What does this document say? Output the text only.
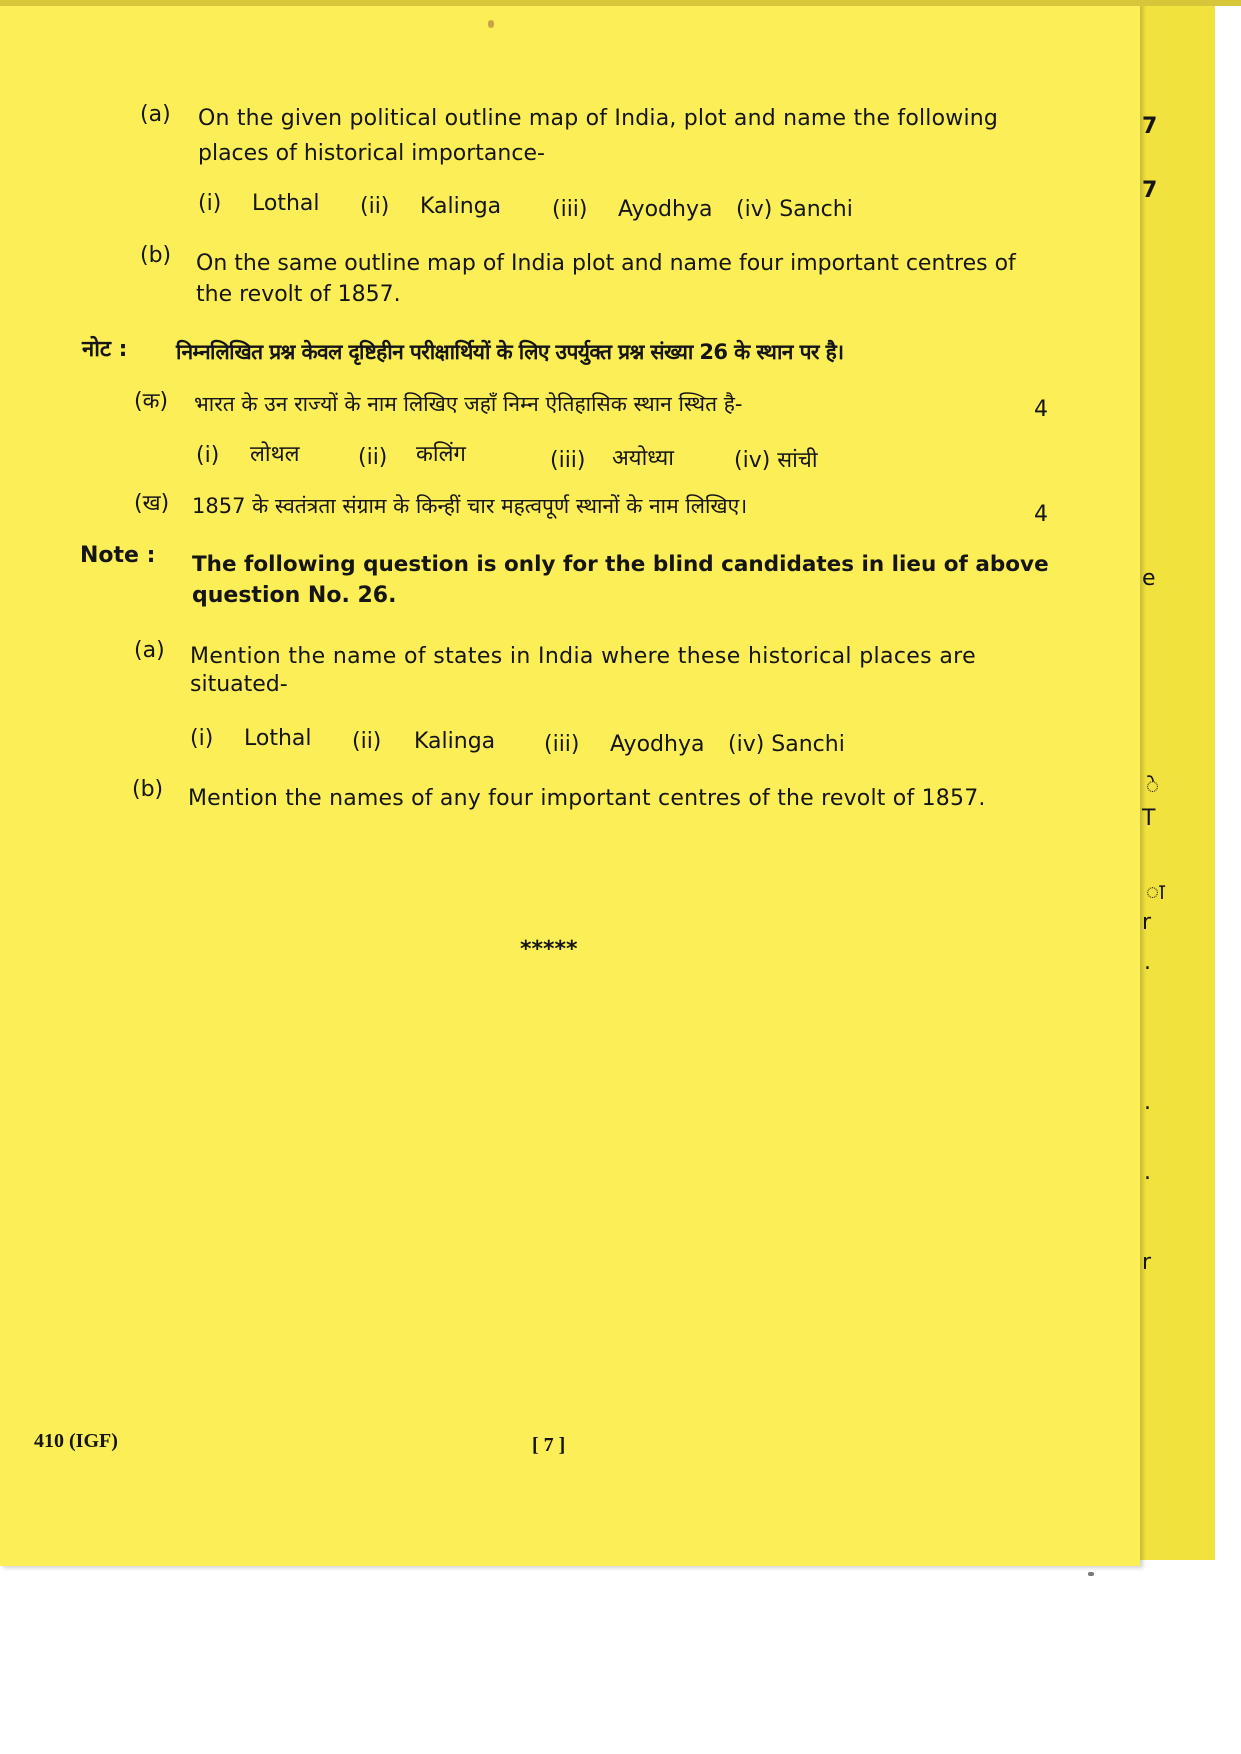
7
7
e
े
T
ा
r
.
.
.
r
(a) On the given political outline map of India, plot and name the following
places of historical importance-
(i) Lothal (ii) Kalinga (iii) Ayodhya (iv) Sanchi
(b) On the same outline map of India plot and name four important centres of
the revolt of 1857.
नोट : निम्नलिखित प्रश्न केवल दृष्टिहीन परीक्षार्थियों के लिए उपर्युक्त प्रश्न संख्या 26 के स्थान पर है।
(क) भारत के उन राज्यों के नाम लिखिए जहाँ निम्न ऐतिहासिक स्थान स्थित है-	4
(i) लोथल	(ii) कलिंग	(iii) अयोध्या	(iv) सांची
(ख) 1857 के स्वतंत्रता संग्राम के किन्हीं चार महत्वपूर्ण स्थानों के नाम लिखिए।	4
Note : The following question is only for the blind candidates in lieu of above
question No. 26.
(a) Mention the name of states in India where these historical places are
situated-
(i) Lothal (ii) Kalinga (iii) Ayodhya (iv) Sanchi
(b) Mention the names of any four important centres of the revolt of 1857.
*****
410 (IGF)	[ 7 ]
